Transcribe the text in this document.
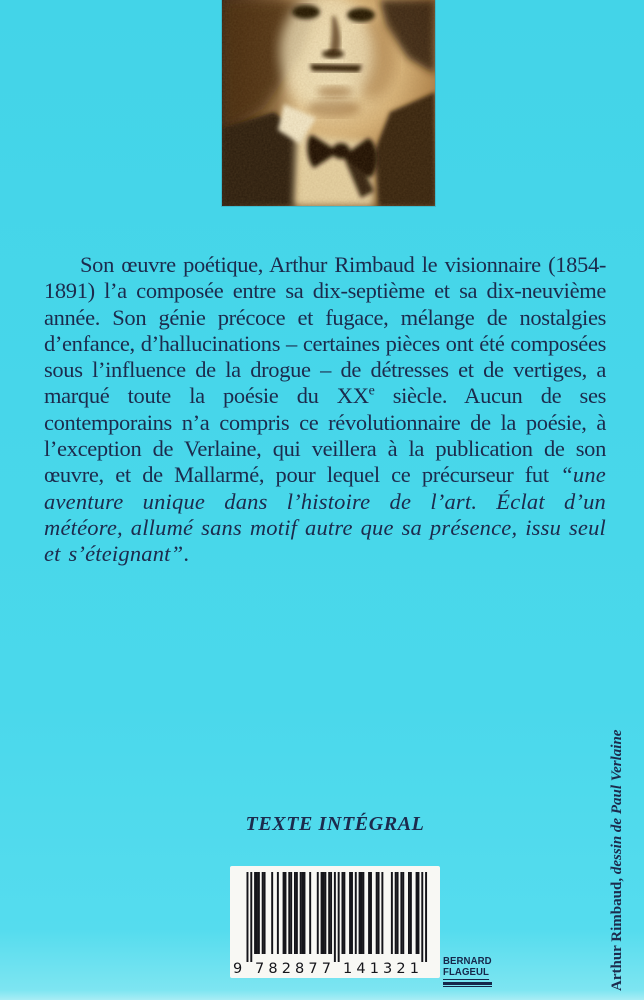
Son œuvre poétique, Arthur Rimbaud le visionnaire (1854-1891) l’a composée entre sa dix-septième et sa dix-neuvième année. Son génie précoce et fugace, mélange de nostalgies d’enfance, d’hallucinations – certaines pièces ont été composées sous l’influence de la drogue – de détresses et de vertiges, a marqué toute la poésie du XXe siècle. Aucun de ses contemporains n’a compris ce révolutionnaire de la poésie, à l’exception de Verlaine, qui veillera à la publication de son œuvre, et de Mallarmé, pour lequel ce précurseur fut “une aventure unique dans l’histoire de l’art. Éclat d’un météore, allumé sans motif autre que sa présence, issu seul et s’éteignant”.

TEXTE INTÉGRAL
9 782877 141321 BERNARD
FLAGEUL	Arthur Rimbaud, dessin de Paul Verlaine
